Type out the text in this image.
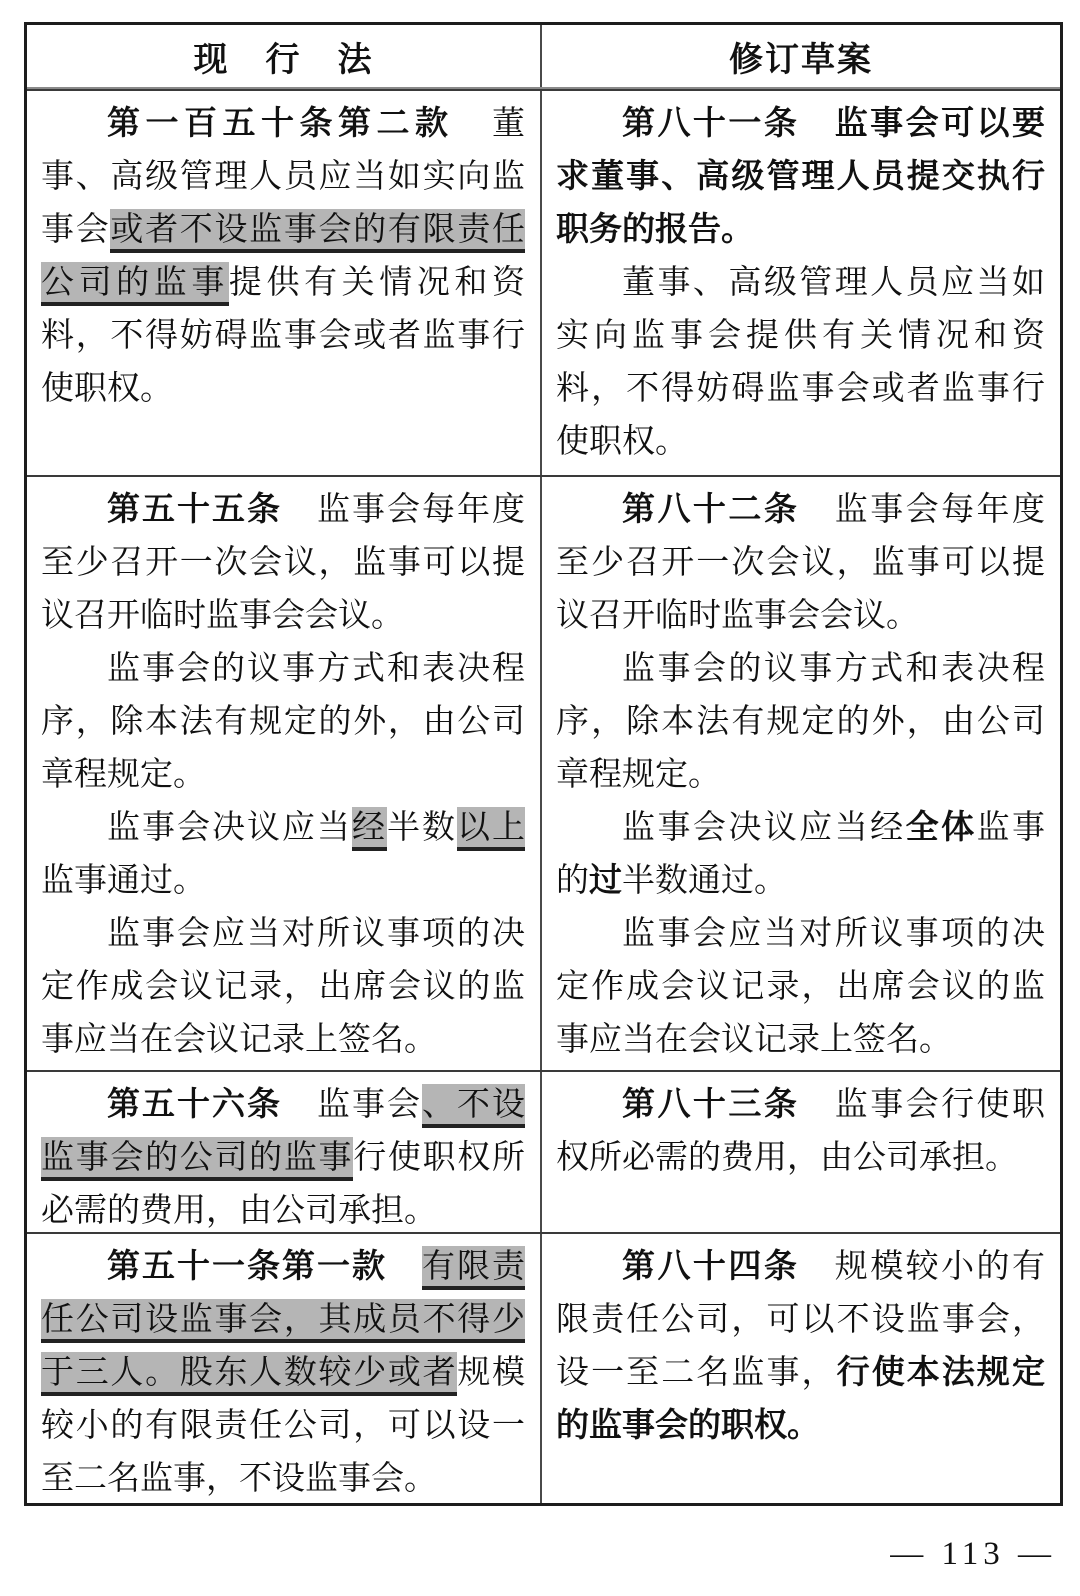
现　行　法	修订草案

第一百五十条第二款　董事、高级管理人员应当如实向监事会或者不设监事会的有限责任公司的监事提供有关情况和资料，不得妨碍监事会或者监事行使职权。

第八十一条　监事会可以要求董事、高级管理人员提交执行职务的报告。

董事、高级管理人员应当如实向监事会提供有关情况和资料，不得妨碍监事会或者监事行使职权。

第五十五条　监事会每年度至少召开一次会议，监事可以提议召开临时监事会会议。

监事会的议事方式和表决程序，除本法有规定的外，由公司章程规定。

监事会决议应当经半数以上监事通过。

监事会应当对所议事项的决定作成会议记录，出席会议的监事应当在会议记录上签名。

第八十二条　监事会每年度至少召开一次会议，监事可以提议召开临时监事会会议。

监事会的议事方式和表决程序，除本法有规定的外，由公司章程规定。

监事会决议应当经全体监事的过半数通过。

监事会应当对所议事项的决定作成会议记录，出席会议的监事应当在会议记录上签名。

第五十六条　监事会、不设监事会的公司的监事行使职权所必需的费用，由公司承担。

第八十三条　监事会行使职权所必需的费用，由公司承担。

第五十一条第一款　 有限责任公司设监事会，其成员不得少于三人。股东人数较少或者规模较小的有限责任公司，可以设一至二名监事，不设监事会。

第八十四条　规模较小的有限责任公司，可以不设监事会，设一至二名监事，行使本法规定的监事会的职权。

— 113 —
